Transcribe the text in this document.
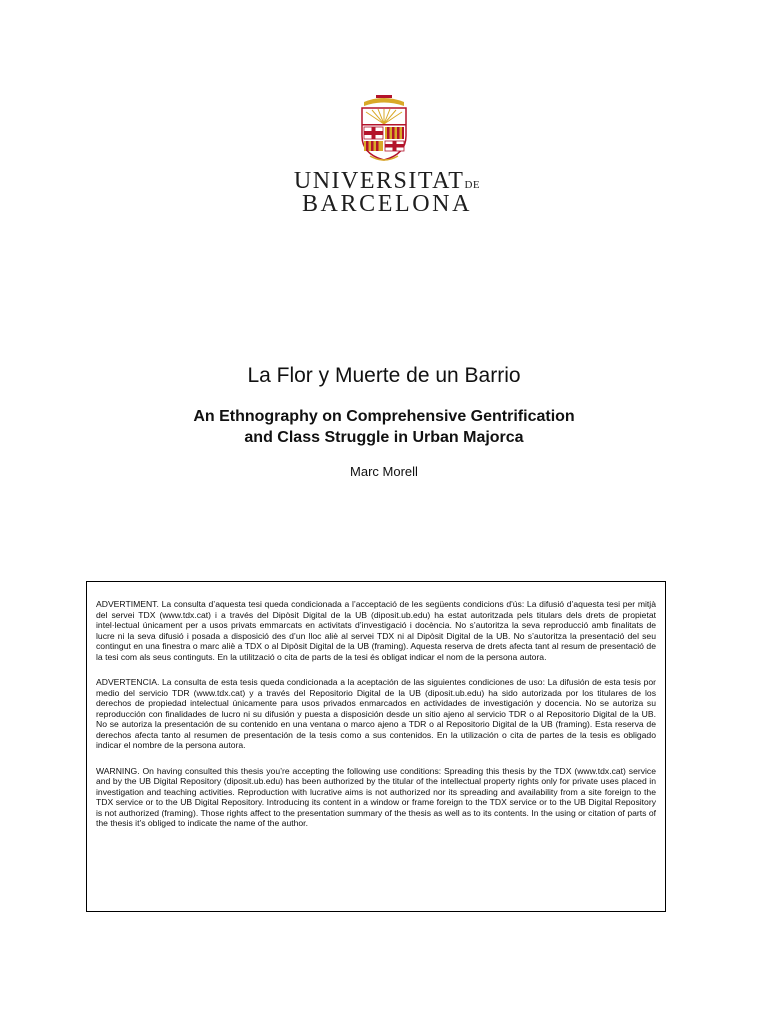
UNIVERSITATDE
BARCELONA
La Flor y Muerte de un Barrio
An Ethnography on Comprehensive Gentrification
and Class Struggle in Urban Majorca

Marc Morell

ADVERTIMENT. La consulta d’aquesta tesi queda condicionada a l’acceptació de les següents condicions d'ús: La difusió d’aquesta tesi per mitjà del servei TDX (www.tdx.cat) i a través del Dipòsit Digital de la UB (diposit.ub.edu) ha estat autoritzada pels titulars dels drets de propietat intel·lectual únicament per a usos privats emmarcats en activitats d’investigació i docència. No s’autoritza la seva reproducció amb finalitats de lucre ni la seva difusió i posada a disposició des d’un lloc aliè al servei TDX ni al Dipòsit Digital de la UB. No s’autoritza la presentació del seu contingut en una finestra o marc aliè a TDX o al Dipòsit Digital de la UB (framing). Aquesta reserva de drets afecta tant al resum de presentació de la tesi com als seus continguts. En la utilització o cita de parts de la tesi és obligat indicar el nom de la persona autora.

ADVERTENCIA. La consulta de esta tesis queda condicionada a la aceptación de las siguientes condiciones de uso: La difusión de esta tesis por medio del servicio TDR (www.tdx.cat) y a través del Repositorio Digital de la UB (diposit.ub.edu) ha sido autorizada por los titulares de los derechos de propiedad intelectual únicamente para usos privados enmarcados en actividades de investigación y docencia. No se autoriza su reproducción con finalidades de lucro ni su difusión y puesta a disposición desde un sitio ajeno al servicio TDR o al Repositorio Digital de la UB. No se autoriza la presentación de su contenido en una ventana o marco ajeno a TDR o al Repositorio Digital de la UB (framing). Esta reserva de derechos afecta tanto al resumen de presentación de la tesis como a sus contenidos. En la utilización o cita de partes de la tesis es obligado indicar el nombre de la persona autora.

WARNING. On having consulted this thesis you’re accepting the following use conditions: Spreading this thesis by the TDX (www.tdx.cat) service and by the UB Digital Repository (diposit.ub.edu) has been authorized by the titular of the intellectual property rights only for private uses placed in investigation and teaching activities. Reproduction with lucrative aims is not authorized nor its spreading and availability from a site foreign to the TDX service or to the UB Digital Repository. Introducing its content in a window or frame foreign to the TDX service or to the UB Digital Repository is not authorized (framing). Those rights affect to the presentation summary of the thesis as well as to its contents. In the using or citation of parts of the thesis it’s obliged to indicate the name of the author.
